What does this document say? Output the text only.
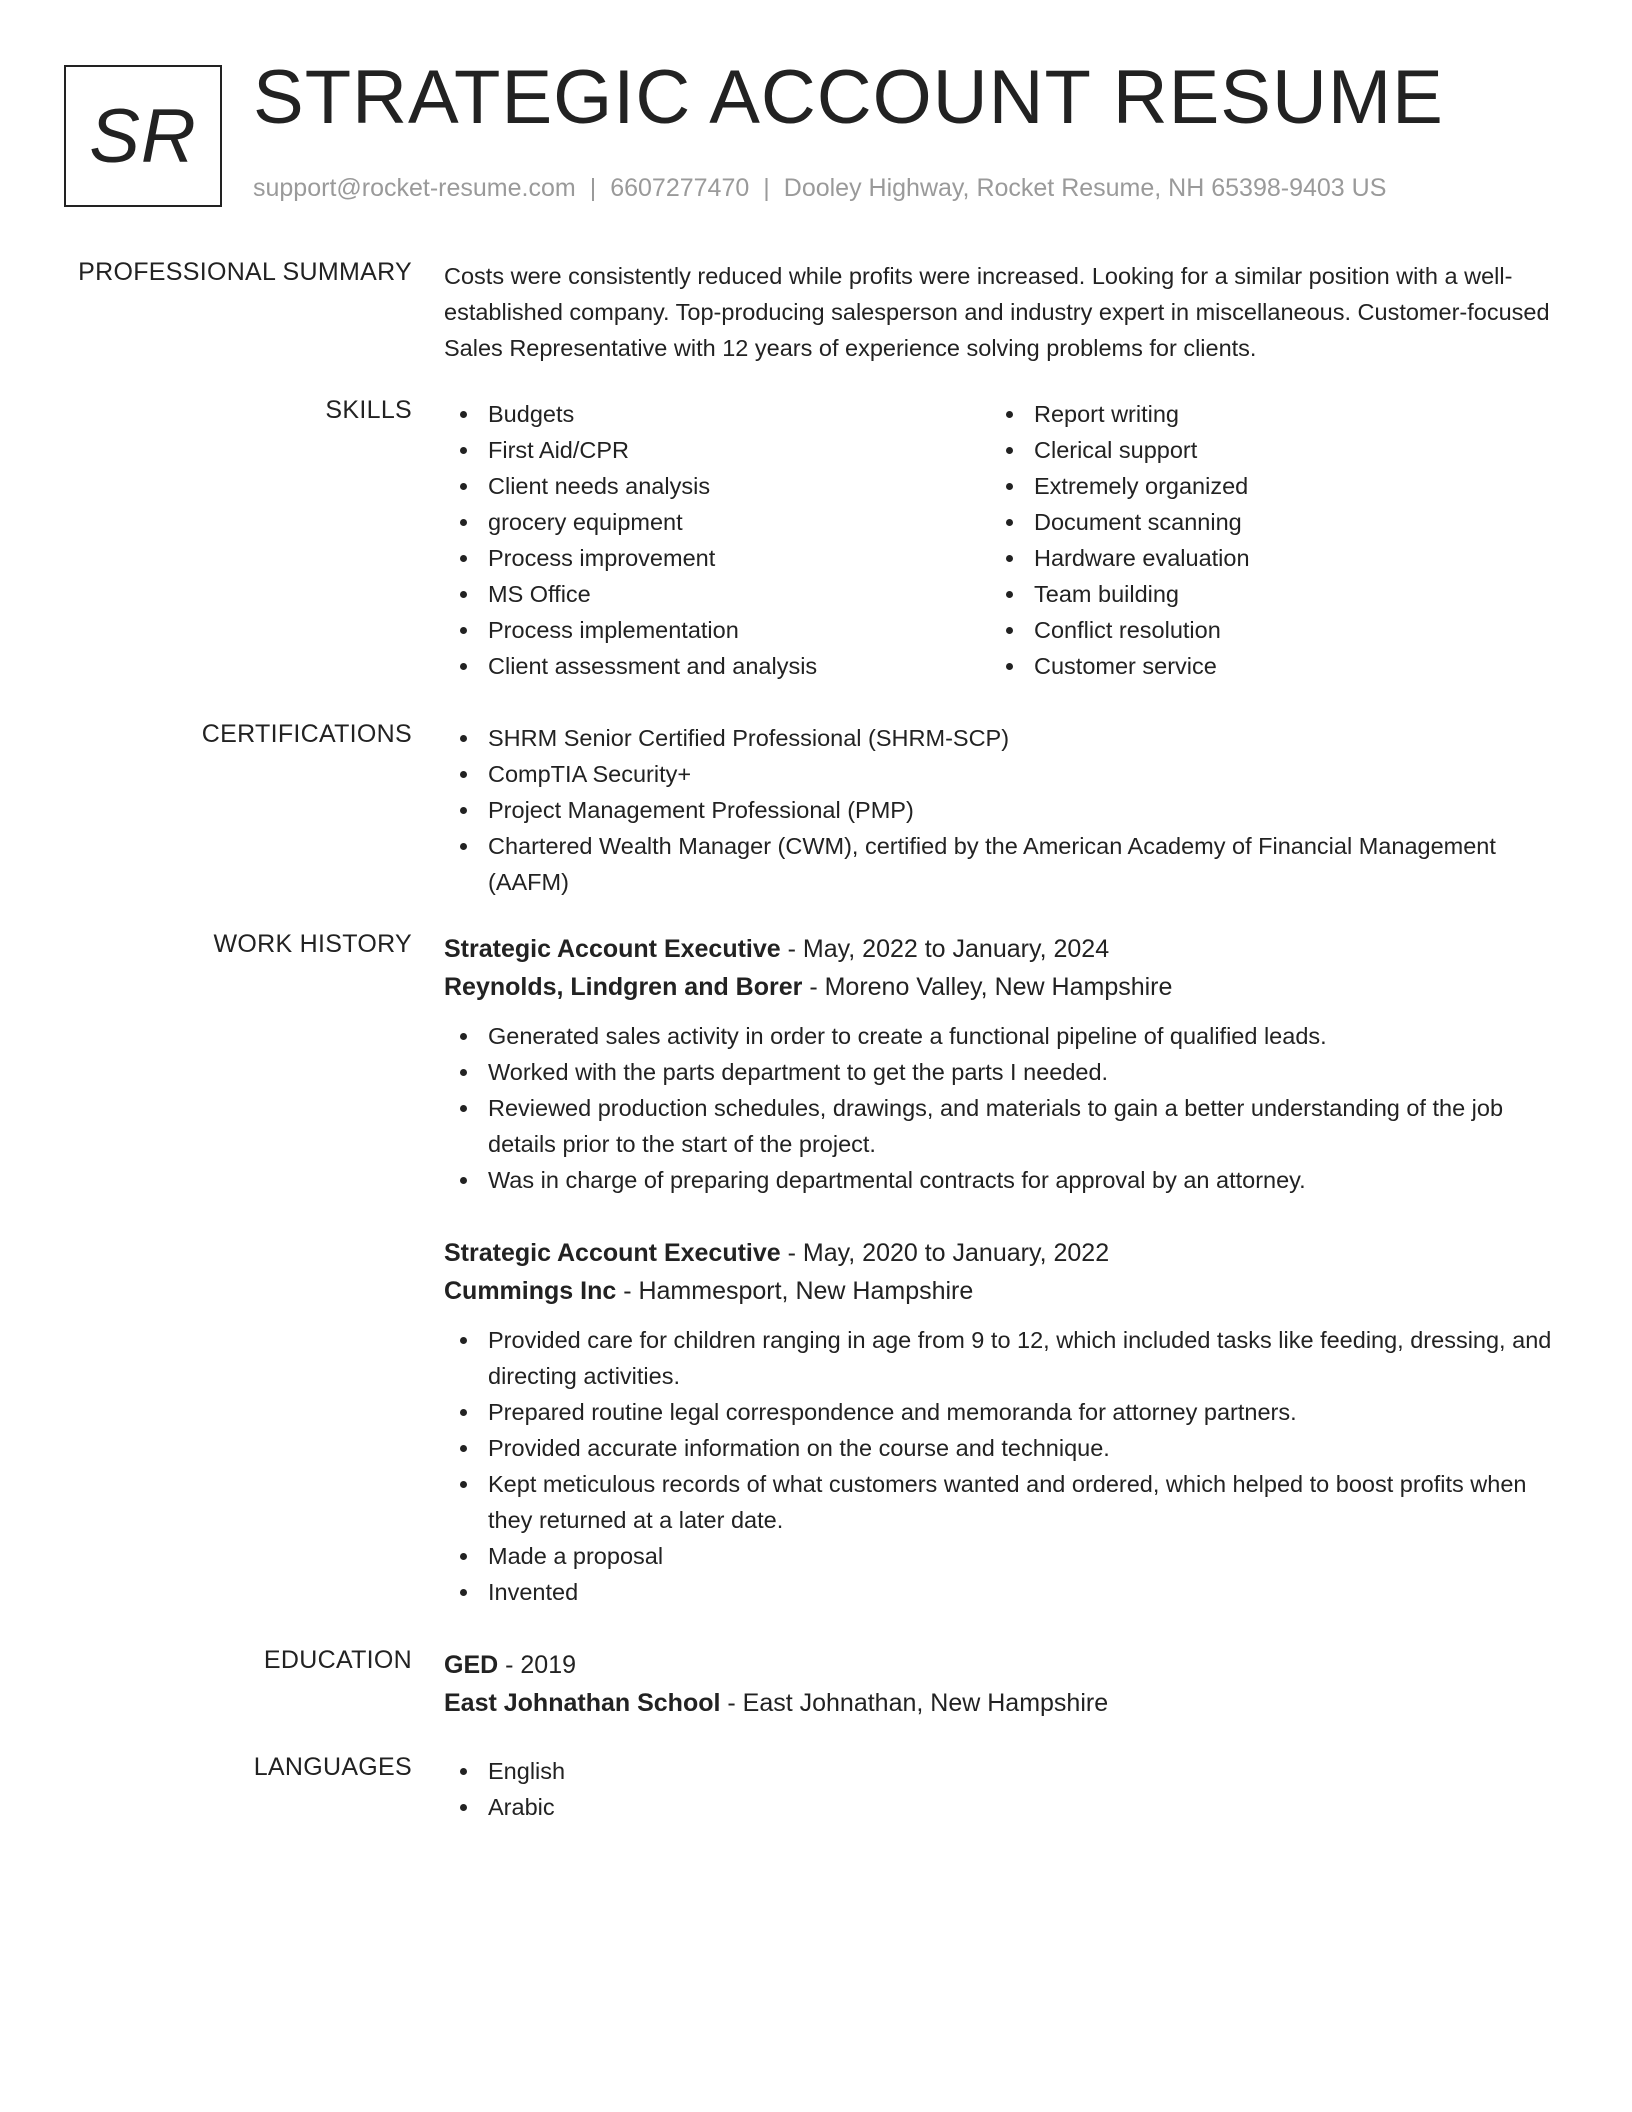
SR STRATEGIC ACCOUNT RESUME
support@rocket-resume.com | 6607277470 | Dooley Highway, Rocket Resume, NH 65398-9403 US
PROFESSIONAL SUMMARY Costs were consistently reduced while profits were increased. Looking for a similar position with a well-established company. Top-producing salesperson and industry expert in miscellaneous. Customer-focused Sales Representative with 12 years of experience solving problems for clients.

SKILLS	Budgets
First Aid/CPR
Client needs analysis
grocery equipment
Process improvement
MS Office
Process implementation
Client assessment and analysis
Report writing
Clerical support
Extremely organized
Document scanning
Hardware evaluation
Team building
Conflict resolution
Customer service
CERTIFICATIONS	SHRM Senior Certified Professional (SHRM-SCP)
CompTIA Security+
Project Management Professional (PMP)
Chartered Wealth Manager (CWM), certified by the American Academy of Financial Management (AAFM)
WORK HISTORY Strategic Account Executive - May, 2022 to January, 2024
Reynolds, Lindgren and Borer - Moreno Valley, New Hampshire
Generated sales activity in order to create a functional pipeline of qualified leads.
Worked with the parts department to get the parts I needed.
Reviewed production schedules, drawings, and materials to gain a better understanding of the job details prior to the start of the project.
Was in charge of preparing departmental contracts for approval by an attorney.
Strategic Account Executive - May, 2020 to January, 2022
Cummings Inc - Hammesport, New Hampshire
Provided care for children ranging in age from 9 to 12, which included tasks like feeding, dressing, and directing activities.
Prepared routine legal correspondence and memoranda for attorney partners.
Provided accurate information on the course and technique.
Kept meticulous records of what customers wanted and ordered, which helped to boost profits when they returned at a later date.
Made a proposal
Invented
EDUCATION GED - 2019
East Johnathan School - East Johnathan, New Hampshire
LANGUAGES	English
Arabic
